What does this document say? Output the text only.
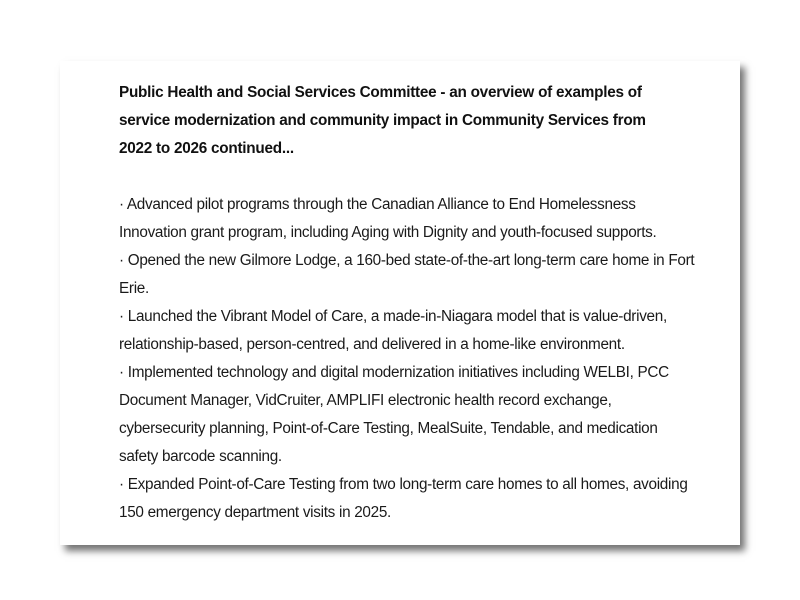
Public Health and Social Services Committee - an overview of examples of service modernization and community impact in Community Services from 2022 to 2026 continued...

· Advanced pilot programs through the Canadian Alliance to End Homelessness Innovation grant program, including Aging with Dignity and youth-focused supports.
· Opened the new Gilmore Lodge, a 160-bed state-of-the-art long-term care home in Fort Erie.
· Launched the Vibrant Model of Care, a made-in-Niagara model that is value-driven, relationship-based, person-centred, and delivered in a home-like environment.
· Implemented technology and digital modernization initiatives including WELBI, PCC Document Manager, VidCruiter, AMPLIFI electronic health record exchange, cybersecurity planning, Point-of-Care Testing, MealSuite, Tendable, and medication safety barcode scanning.
· Expanded Point-of-Care Testing from two long-term care homes to all homes, avoiding 150 emergency department visits in 2025.
